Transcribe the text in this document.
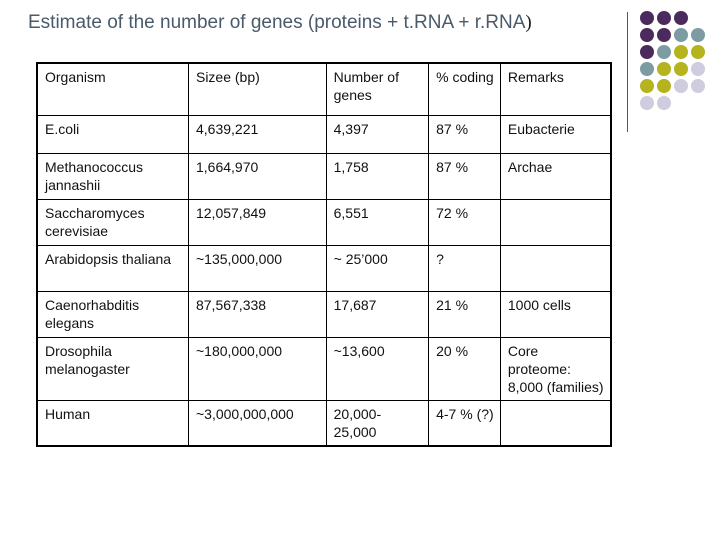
Estimate of the number of genes (proteins + t.RNA + r.RNA)
Organism	Sizee (bp)	Number of genes	% coding	Remarks
E.coli	4,639,221	4,397	87 %	Eubacterie
Methanococcus jannashii	1,664,970	1,758	87 %	Archae
Saccharomyces cerevisiae	12,057,849	6,551	72 %	
Arabidopsis thaliana	~135,000,000	~ 25’000	?	
Caenorhabditis elegans	87,567,338	17,687	21 %	1000 cells
Drosophila melanogaster	~180,000,000	~13,600	20 %	Core proteome: 8,000 (families)
Human	~3,000,000,000	20,000-25,000	4-7 % (?)	
